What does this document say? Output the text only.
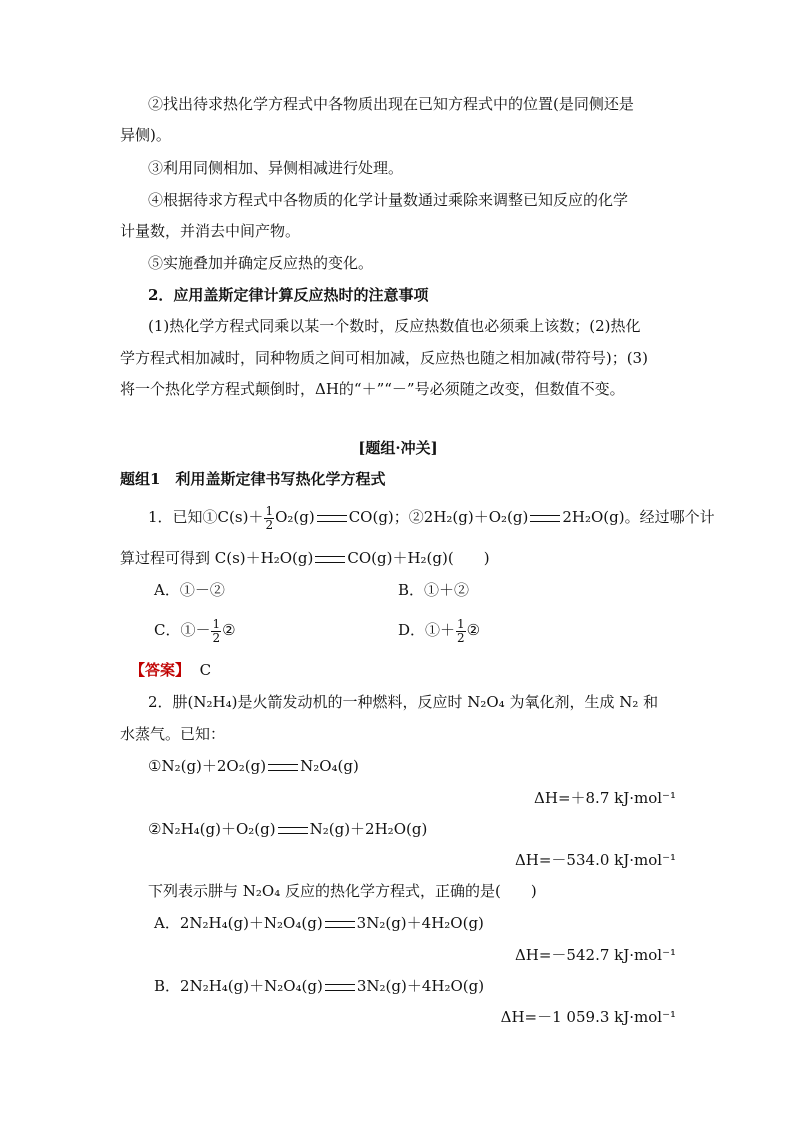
②找出待求热化学方程式中各物质出现在已知方程式中的位置(是同侧还是
异侧)。
③利用同侧相加、异侧相减进行处理。
④根据待求方程式中各物质的化学计量数通过乘除来调整已知反应的化学
计量数，并消去中间产物。
⑤实施叠加并确定反应热的变化。
2．应用盖斯定律计算反应热时的注意事项
(1)热化学方程式同乘以某一个数时，反应热数值也必须乘上该数；(2)热化
学方程式相加减时，同种物质之间可相加减，反应热也随之相加减(带符号)；(3)
将一个热化学方程式颠倒时，ΔH的“＋”“－”号必须随之改变，但数值不变。
[题组·冲关]
题组1　利用盖斯定律书写热化学方程式
1．已知①C(s)＋ $\frac{1}{2} O_2(g)$ CO(g)；②2H₂(g)＋O₂(g) 2H₂O(g)。经过哪个计
算过程可得到 C(s)＋H₂O(g) CO(g)＋H₂(g)(　　)
A．①－②	B．①＋②
C．①－ $\frac{1}{2}$ ②	D．①＋ $\frac{1}{2}$ ②
【答案】 C
2．肼(N₂H₄)是火箭发动机的一种燃料，反应时 N₂O₄ 为氧化剂，生成 N₂ 和
水蒸气。已知：
①N₂(g)＋2O₂(g) N₂O₄(g)
ΔH=＋8.7 kJ·mol⁻¹
②N₂H₄(g)＋O₂(g) N₂(g)＋2H₂O(g)
ΔH=－534.0 kJ·mol⁻¹
下列表示肼与 N₂O₄ 反应的热化学方程式，正确的是(　　)
A．2N₂H₄(g)＋N₂O₄(g) 3N₂(g)＋4H₂O(g)
ΔH=－542.7 kJ·mol⁻¹
B．2N₂H₄(g)＋N₂O₄(g) 3N₂(g)＋4H₂O(g)
ΔH=－1 059.3 kJ·mol⁻¹
